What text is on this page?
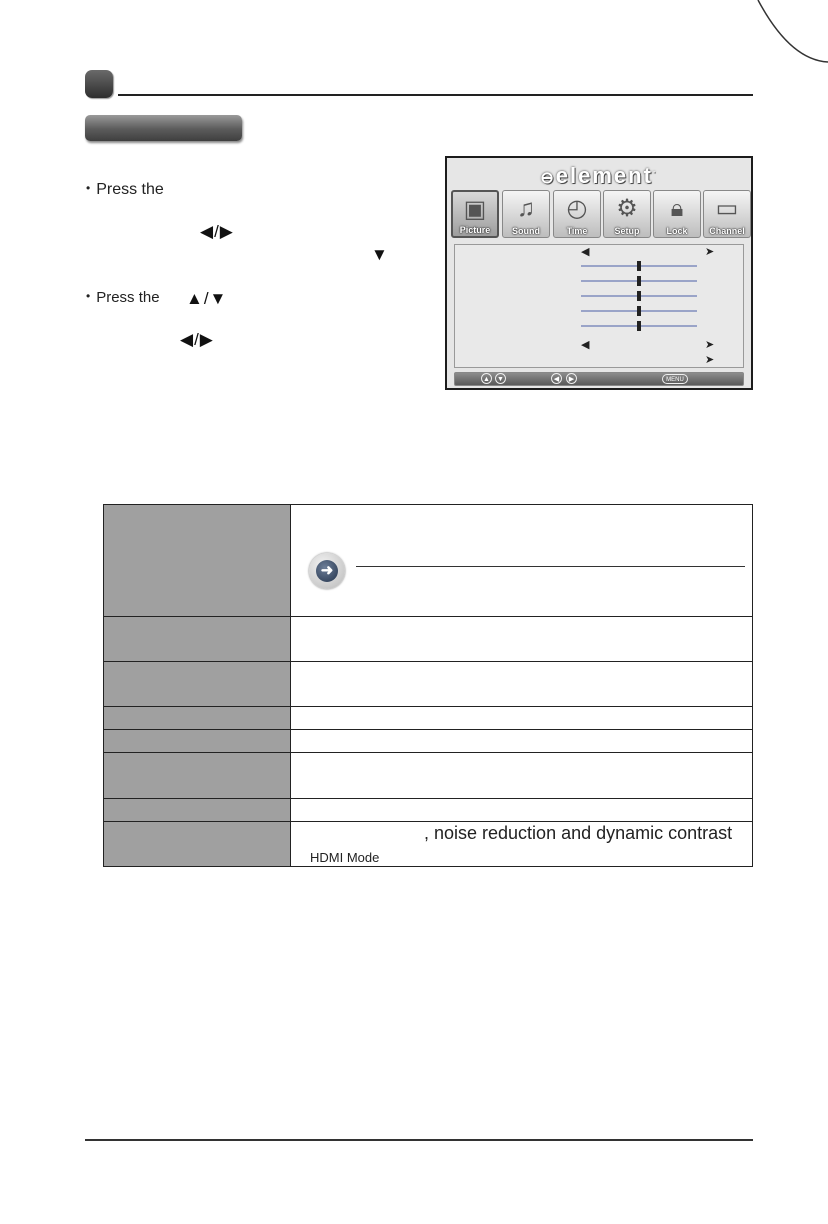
• Press the
◀/▶
▼
• Press the ▲/▼
◀/▶
⊖element·
▣
Picture
♫
Sound
◴
Time
⚙
Setup
🔒︎
Lock
▭
Channel
◀	➤
◀	➤
➤
▲ ▼	◀	▶	MENU

➜
, noise reduction and dynamic contrast
HDMI Mode
